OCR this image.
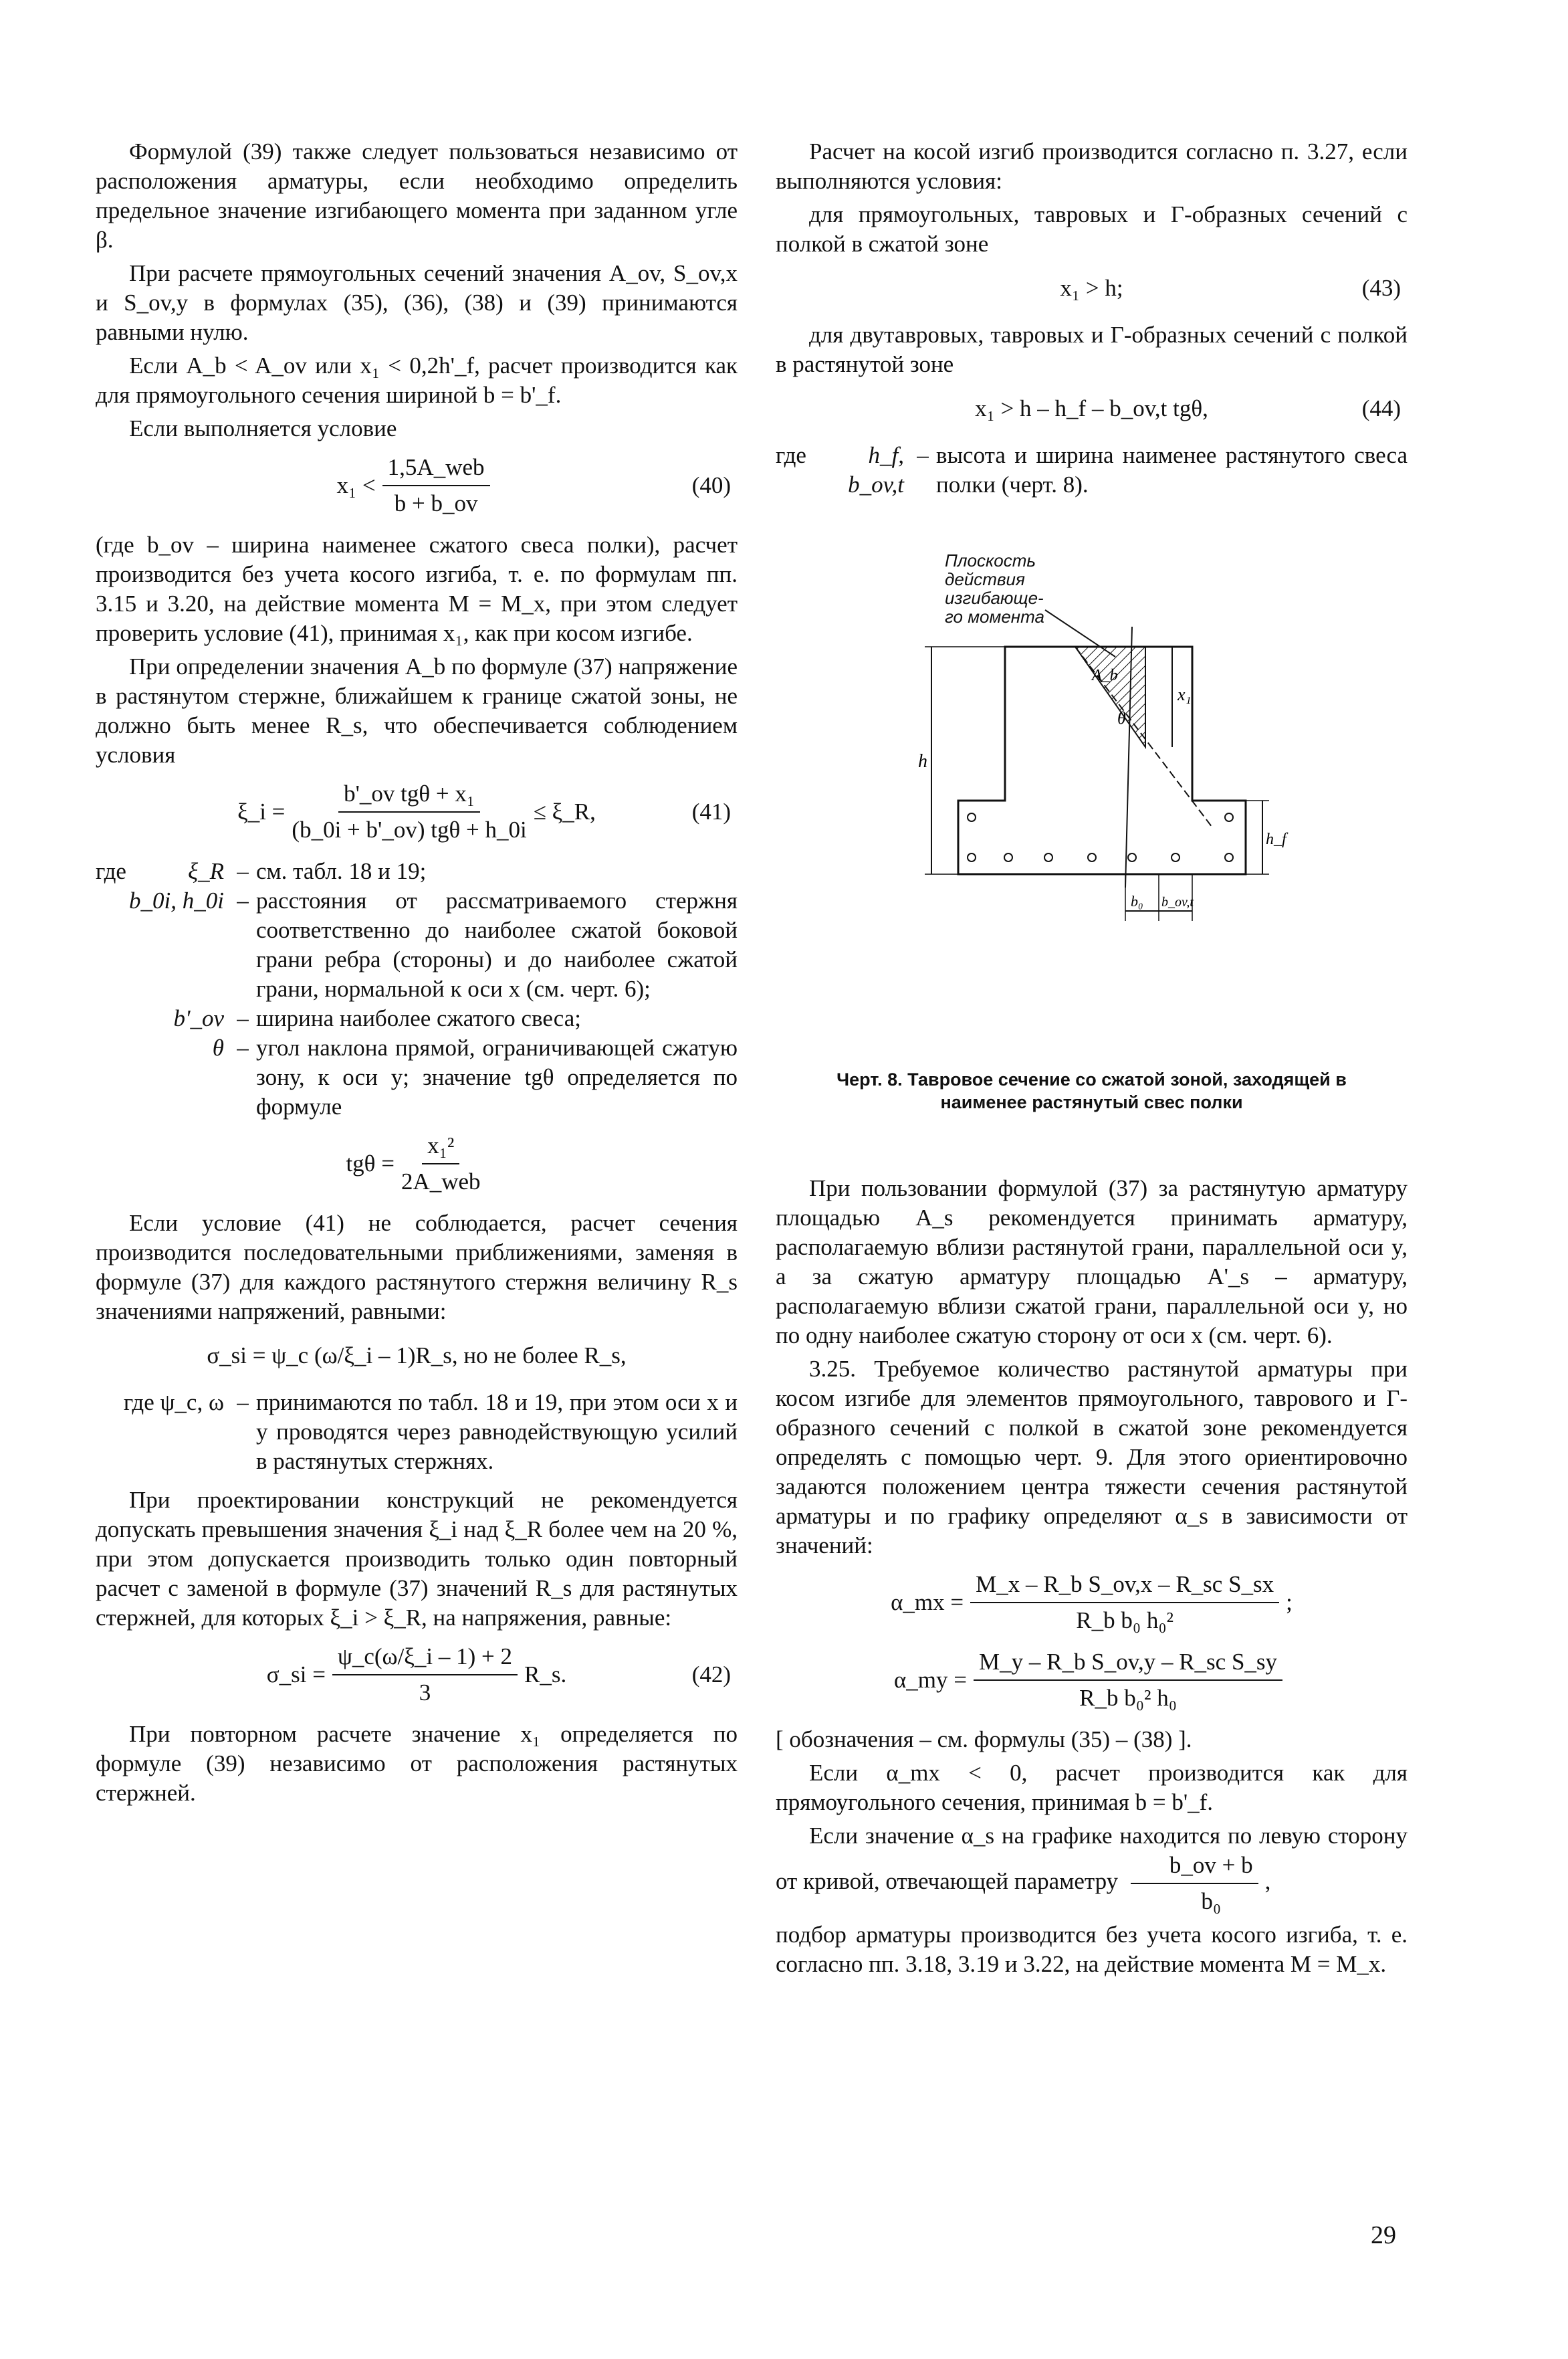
Формулой (39) также следует пользоваться независимо от расположения арматуры, если необходимо определить предельное значение изгибающего момента при заданном угле β.

При расчете прямоугольных сечений значения A_ov, S_ov,x и S_ov,y в формулах (35), (36), (38) и (39) принимаются равными нулю.

Если A_b < A_ov или x₁ < 0,2h'_f, расчет производится как для прямоугольного сечения шириной b = b'_f.

Если выполняется условие

$x_1 < \frac{\text{1,5A\_web}}{b + b\_ov}$	(40)

(где b_ov – ширина наименее сжатого свеса полки), расчет производится без учета косого изгиба, т. е. по формулам пп. 3.15 и 3.20, на действие момента M = M_x, при этом следует проверить условие (41), принимая x₁, как при косом изгибе.

При определении значения A_b по формуле (37) напряжение в растянутом стержне, ближайшем к границе сжатой зоны, не должно быть менее R_s, что обеспечивается соблюдением условия

ξ_i = $\frac{\text{b'\_ov tgθ + x₁}}{\text{(b\_0i + b'\_ov) tgθ + h\_0i}}$ ≤ ξ_R,	(41)
где	ξ_R – см. табл. 18 и 19;
b_0i, h_0i – расстояния от рассматриваемого стержня соответственно до наиболее сжатой боковой грани ребра (стороны) и до наиболее сжатой грани, нормальной к оси x (см. черт. 6);
b'_ov – ширина наиболее сжатого свеса;
θ – угол наклона прямой, ограничивающей сжатую зону, к оси y; значение tgθ определяется по формуле
$tg\theta = \frac{\text{x₁²}}{\text{2A\_web}}$

Если условие (41) не соблюдается, расчет сечения производится последовательными приближениями, заменяя в формуле (37) для каждого растянутого стержня величину R_s значениями напряжений, равными:

σ_si = ψ_c (ω/ξ_i – 1)R_s, но не более R_s,
где ψ_c, ω – принимаются по табл. 18 и 19, при этом оси x и y проводятся через равнодействующую усилий в растянутых стержнях.

При проектировании конструкций не рекомендуется допускать превышения значения ξ_i над ξ_R более чем на 20 %, при этом допускается производить только один повторный расчет с заменой в формуле (37) значений R_s для растянутых стержней, для которых ξ_i > ξ_R, на напряжения, равные:

σ_si = $\frac{\psi\_c(\omega/\xi\_i - 1) + 2}{3}$ R_s.	(42)

При повторном расчете значение x₁ определяется по формуле (39) независимо от расположения растянутых стержней.

Расчет на косой изгиб производится согласно п. 3.27, если выполняются условия:

для прямоугольных, тавровых и Г-образных сечений с полкой в сжатой зоне

x₁ > h;	(43)

для двутавровых, тавровых и Г-образных сечений с полкой в растянутой зоне

x₁ > h – h_f – b_ov,t tgθ,	(44)
где	h_f, b_ov,t
– высота и ширина наименее растянутого свеса полки (черт. 8).
Плоскость
действия
изгибающе-
го момента
h
x₁
h_f
A_b
θ
b₀ b_ov,t
Черт. 8. Тавровое сечение со сжатой зоной, заходящей в наименее растянутый свес полки

При пользовании формулой (37) за растянутую арматуру площадью A_s рекомендуется принимать арматуру, располагаемую вблизи растянутой грани, параллельной оси y, а за сжатую арматуру площадью A'_s – арматуру, располагаемую вблизи сжатой грани, параллельной оси y, но по одну наиболее сжатую сторону от оси x (см. черт. 6).

3.25. Требуемое количество растянутой арматуры при косом изгибе для элементов прямоугольного, таврового и Г-образного сечений с полкой в сжатой зоне рекомендуется определять с помощью черт. 9. Для этого ориентировочно задаются положением центра тяжести сечения растянутой арматуры и по графику определяют α_s в зависимости от значений:

α_mx = $\frac{\text{M\_x – R\_b S\_ov,x – R\_sc S\_sx}}{\text{R\_b b₀ h₀²}}$ ;
α_my = $\frac{\text{M\_y – R\_b S\_ov,y – R\_sc S\_sy}}{\text{R\_b b₀² h₀}}$

[ обозначения – см. формулы (35) – (38) ].

Если α_mx < 0, расчет производится как для прямоугольного сечения, принимая b = b'_f.

Если значение α_s на графике находится по левую сторону от кривой, отвечающей параметру $\frac{b\_ov + b}{\text{b₀}}$ ,

подбор арматуры производится без учета косого изгиба, т. е. согласно пп. 3.18, 3.19 и 3.22, на действие момента M = M_x.

29
